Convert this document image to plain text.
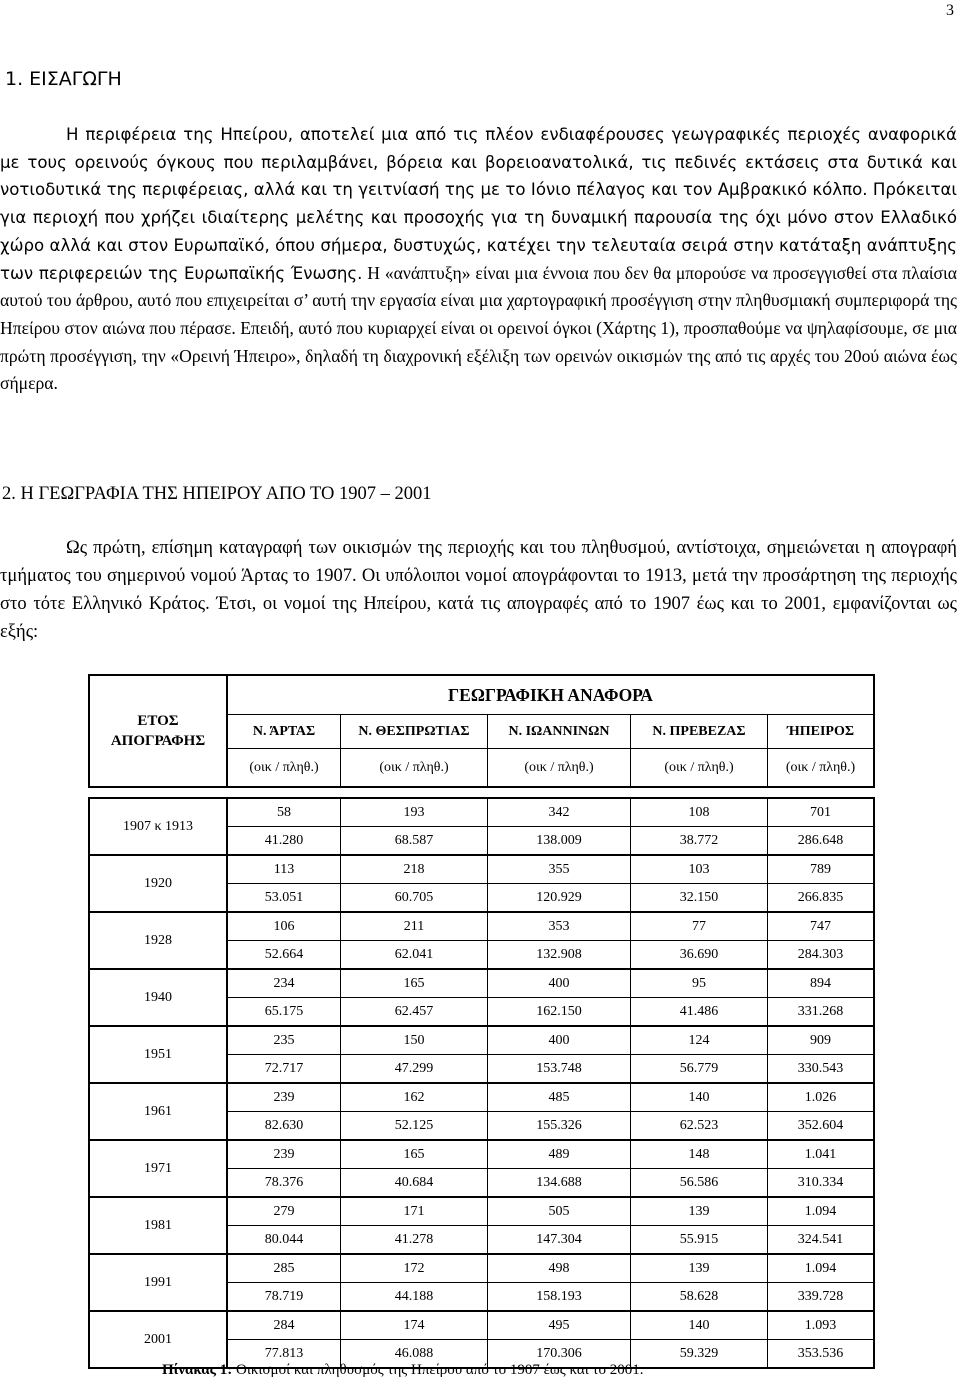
3
1. ΕΙΣΑΓΩΓΗ

Η περιφέρεια της Ηπείρου, αποτελεί μια από τις πλέον ενδιαφέρουσες γεωγραφικές περιοχές αναφορικά με τους ορεινούς όγκους που περιλαμβάνει, βόρεια και βορειοανατολικά, τις πεδινές εκτάσεις στα δυτικά και νοτιοδυτικά της περιφέρειας, αλλά και τη γειτνίασή της με το Ιόνιο πέλαγος και τον Αμβρακικό κόλπο. Πρόκειται για περιοχή που χρήζει ιδιαίτερης μελέτης και προσοχής για τη δυναμική παρουσία της όχι μόνο στον Ελλαδικό χώρο αλλά και στον Ευρωπαϊκό, όπου σήμερα, δυστυχώς, κατέχει την τελευταία σειρά στην κατάταξη ανάπτυξης των περιφερειών της Ευρωπαϊκής Ένωσης. Η «ανάπτυξη» είναι μια έννοια που δεν θα μπορούσε να προσεγγισθεί στα πλαίσια αυτού του άρθρου, αυτό που επιχειρείται σ’ αυτή την εργασία είναι μια χαρτογραφική προσέγγιση στην πληθυσμιακή συμπεριφορά της Ηπείρου στον αιώνα που πέρασε. Επειδή, αυτό που κυριαρχεί είναι οι ορεινοί όγκοι (Χάρτης 1), προσπαθούμε να ψηλαφίσουμε, σε μια πρώτη προσέγγιση, την «Ορεινή Ήπειρο», δηλαδή τη διαχρονική εξέλιξη των ορεινών οικισμών της από τις αρχές του 20ού αιώνα έως σήμερα.

2. Η ΓΕΩΓΡΑΦΙΑ ΤΗΣ ΗΠΕΙΡΟΥ ΑΠΟ ΤΟ 1907 – 2001

Ως πρώτη, επίσημη καταγραφή των οικισμών της περιοχής και του πληθυσμού, αντίστοιχα, σημειώνεται η απογραφή τμήματος του σημερινού νομού Άρτας το 1907. Οι υπόλοιποι νομοί απογράφονται το 1913, μετά την προσάρτηση της περιοχής στο τότε Ελληνικό Κράτος. Έτσι, οι νομοί της Ηπείρου, κατά τις απογραφές από το 1907 έως και το 2001, εμφανίζονται ως εξής:

ΕΤΟΣ
ΑΠΟΓΡΑΦΗΣ	ΓΕΩΓΡΑΦΙΚΗ ΑΝΑΦΟΡΑ				
	Ν. ΆΡΤΑΣ	Ν. ΘΕΣΠΡΩΤΙΑΣ	Ν. ΙΩΑΝΝΙΝΩΝ	Ν. ΠΡΕΒΕΖΑΣ	ΉΠΕΙΡΟΣ
	(οικ / πληθ.)	(οικ / πληθ.)	(οικ / πληθ.)	(οικ / πληθ.)	(οικ / πληθ.)

1907 κ 1913	58	193	342	108	701
	41.280	68.587	138.009	38.772	286.648
1920	113	218	355	103	789
	53.051	60.705	120.929	32.150	266.835
1928	106	211	353	77	747
	52.664	62.041	132.908	36.690	284.303
1940	234	165	400	95	894
	65.175	62.457	162.150	41.486	331.268
1951	235	150	400	124	909
	72.717	47.299	153.748	56.779	330.543
1961	239	162	485	140	1.026
	82.630	52.125	155.326	62.523	352.604
1971	239	165	489	148	1.041
	78.376	40.684	134.688	56.586	310.334
1981	279	171	505	139	1.094
	80.044	41.278	147.304	55.915	324.541
1991	285	172	498	139	1.094
	78.719	44.188	158.193	58.628	339.728
2001	284	174	495	140	1.093
	77.813	46.088	170.306	59.329	353.536
Πίνακας 1: Οικισμοί και πληθυσμός της Ηπείρου από το 1907 έως και το 2001.
